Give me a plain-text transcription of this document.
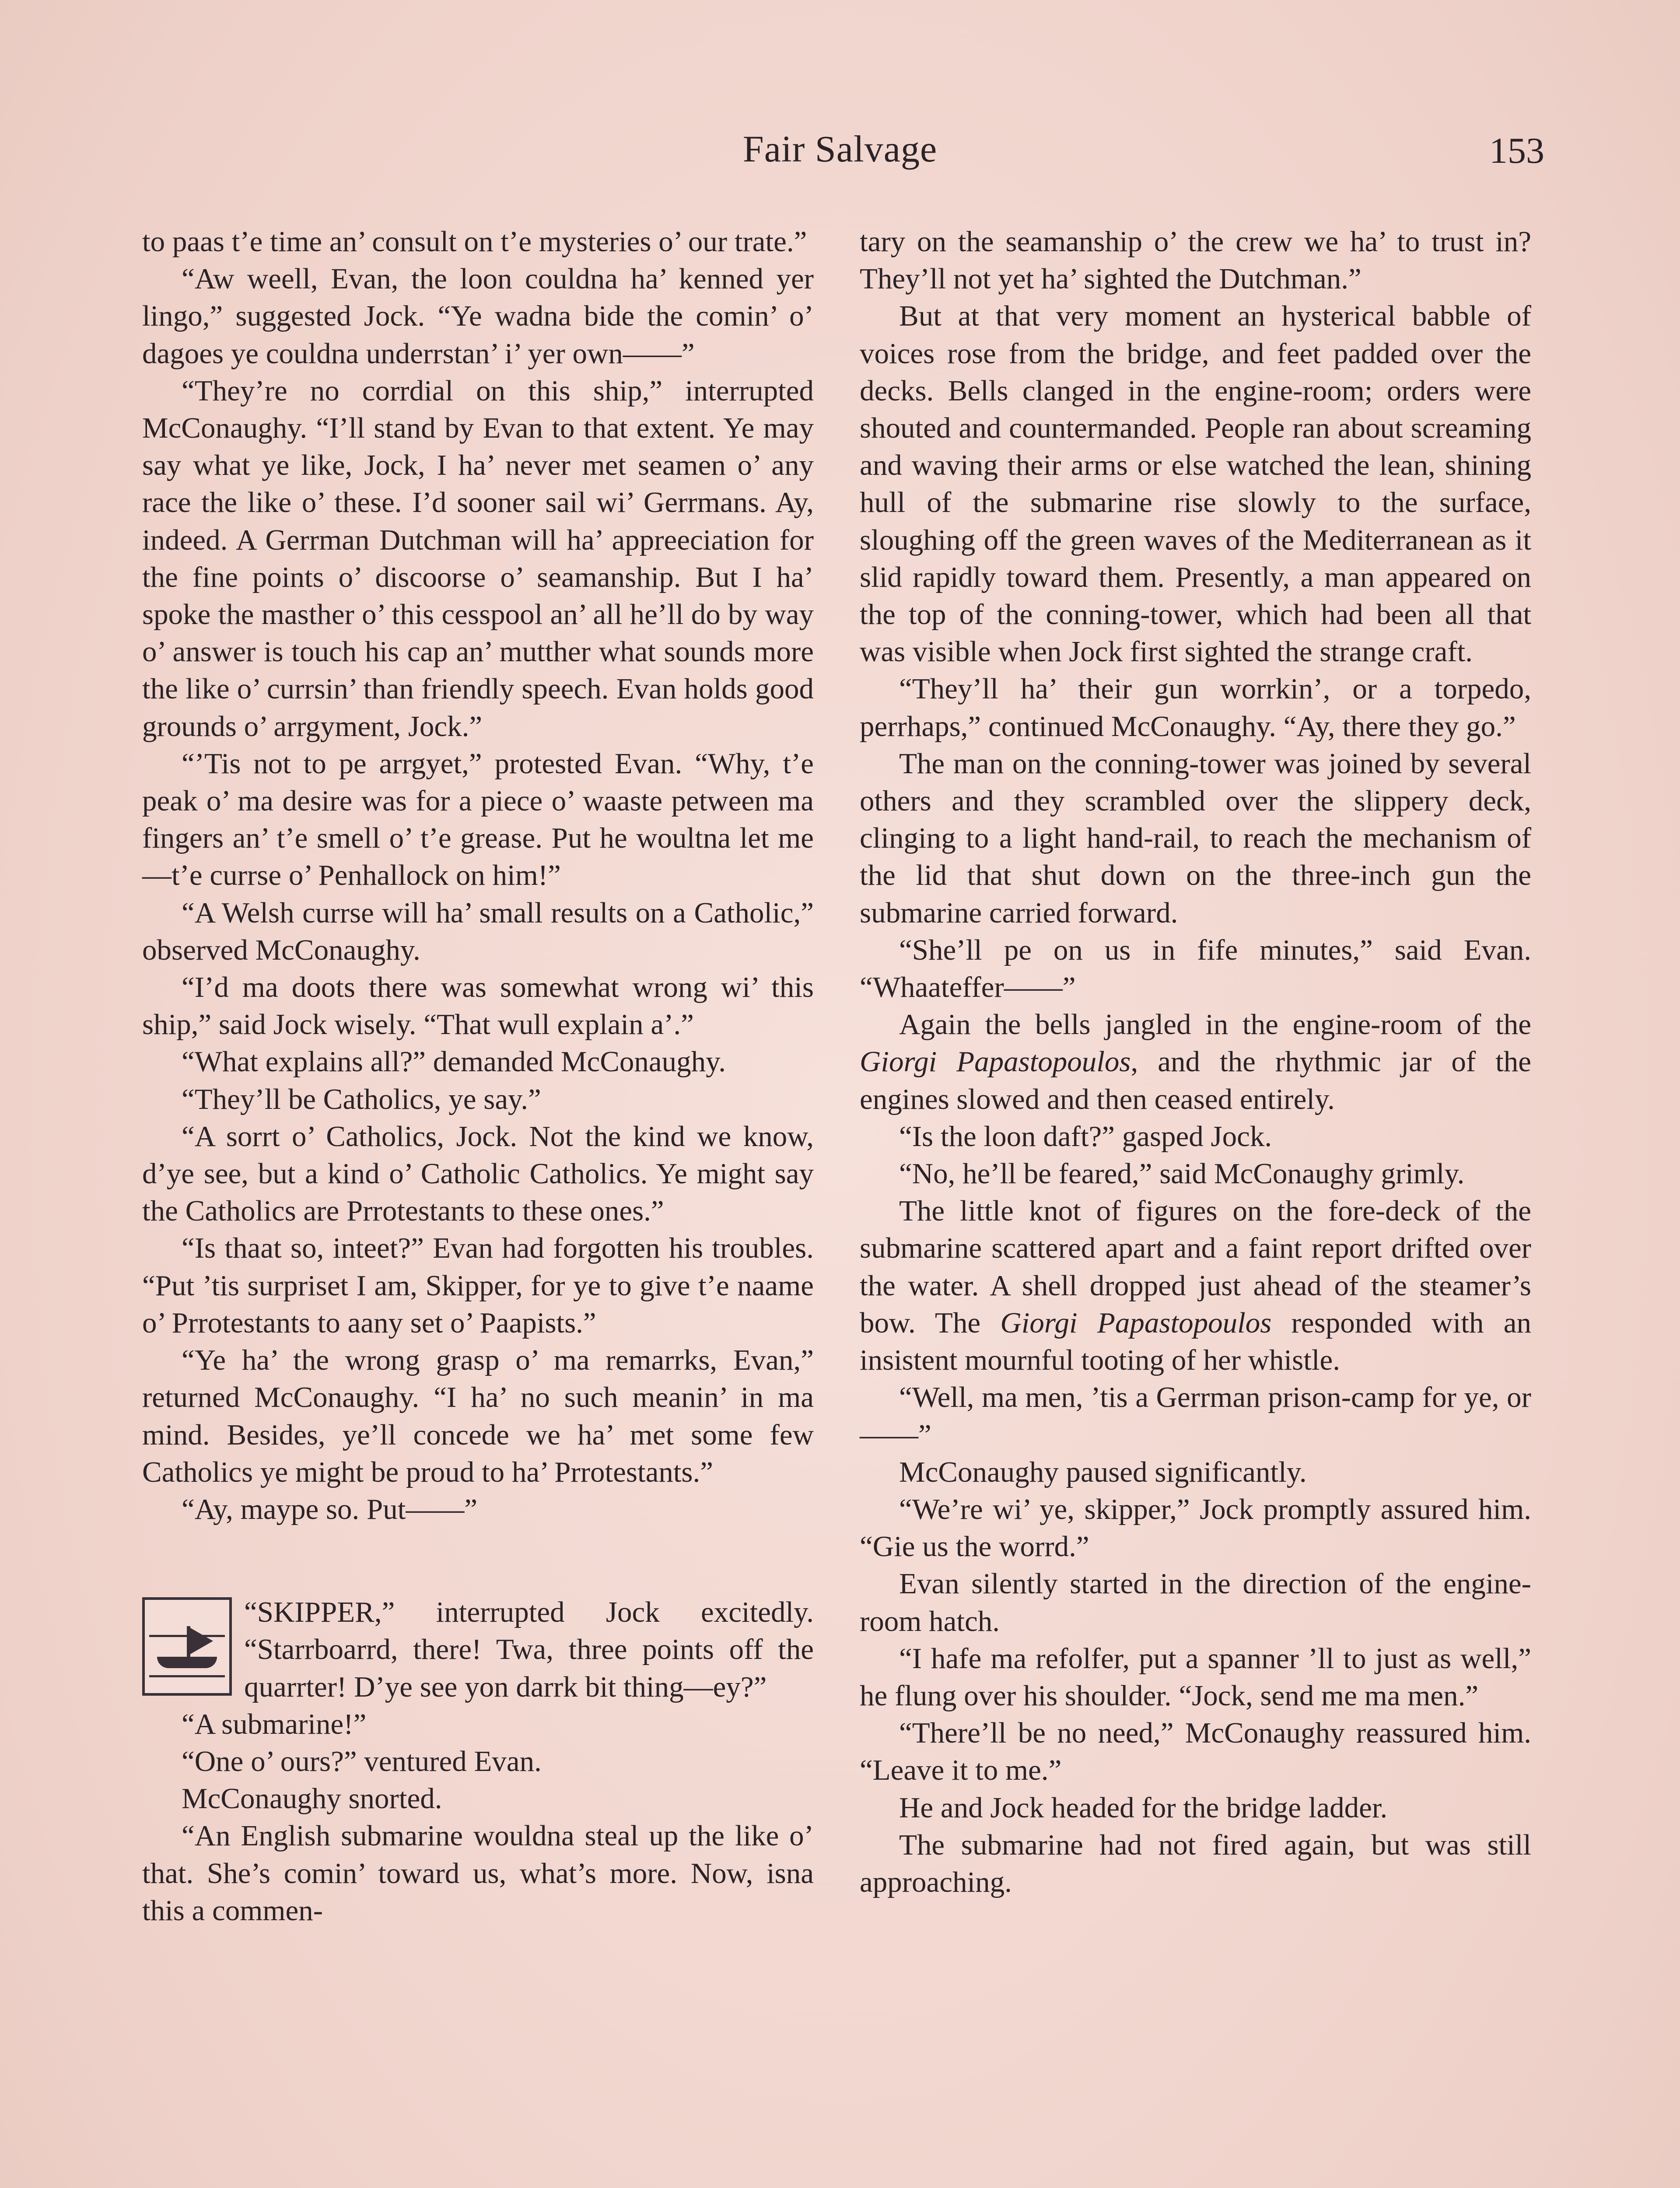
Fair Salvage	153

to paas t’e time an’ consult on t’e mysteries o’ our trate.”

“Aw weell, Evan, the loon couldna ha’ kenned yer lingo,” suggested Jock. “Ye wadna bide the comin’ o’ dagoes ye couldna underrstan’ i’ yer own——”

“They’re no corrdial on this ship,” interrupted McConaughy. “I’ll stand by Evan to that extent. Ye may say what ye like, Jock, I ha’ never met seamen o’ any race the like o’ these. I’d sooner sail wi’ Gerrmans. Ay, indeed. A Gerrman Dutchman will ha’ appreeciation for the fine points o’ discoorse o’ seamanship. But I ha’ spoke the masther o’ this cesspool an’ all he’ll do by way o’ answer is touch his cap an’ mutther what sounds more the like o’ currsin’ than friendly speech. Evan holds good grounds o’ arrgyment, Jock.”

“’Tis not to pe arrgyet,” protested Evan. “Why, t’e peak o’ ma desire was for a piece o’ waaste petween ma fingers an’ t’e smell o’ t’e grease. Put he woultna let me—t’e currse o’ Penhallock on him!”

“A Welsh currse will ha’ small results on a Catholic,” observed McConaughy.

“I’d ma doots there was somewhat wrong wi’ this ship,” said Jock wisely. “That wull explain a’.”

“What explains all?” demanded McConaughy.

“They’ll be Catholics, ye say.”

“A sorrt o’ Catholics, Jock. Not the kind we know, d’ye see, but a kind o’ Catholic Catholics. Ye might say the Catholics are Prrotestants to these ones.”

“Is thaat so, inteet?” Evan had forgotten his troubles. “Put ’tis surpriset I am, Skipper, for ye to give t’e naame o’ Prrotestants to aany set o’ Paapists.”

“Ye ha’ the wrong grasp o’ ma remarrks, Evan,” returned McConaughy. “I ha’ no such meanin’ in ma mind. Besides, ye’ll concede we ha’ met some few Catholics ye might be proud to ha’ Prrotestants.”

“Ay, maype so. Put——”

“SKIPPER,” interrupted Jock excitedly. “Starrboarrd, there! Twa, three points off the quarrter! D’ye see yon darrk bit thing—ey?”

“A submarine!”

“One o’ ours?” ventured Evan.

McConaughy snorted.

“An English submarine wouldna steal up the like o’ that. She’s comin’ toward us, what’s more. Now, isna this a commen-

tary on the seamanship o’ the crew we ha’ to trust in? They’ll not yet ha’ sighted the Dutchman.”

But at that very moment an hysterical babble of voices rose from the bridge, and feet padded over the decks. Bells clanged in the engine-room; orders were shouted and countermanded. People ran about screaming and waving their arms or else watched the lean, shining hull of the submarine rise slowly to the surface, sloughing off the green waves of the Mediterranean as it slid rapidly toward them. Presently, a man appeared on the top of the conning-tower, which had been all that was visible when Jock first sighted the strange craft.

“They’ll ha’ their gun worrkin’, or a torpedo, perrhaps,” continued McConaughy. “Ay, there they go.”

The man on the conning-tower was joined by several others and they scrambled over the slippery deck, clinging to a light hand-rail, to reach the mechanism of the lid that shut down on the three-inch gun the submarine carried forward.

“She’ll pe on us in fife minutes,” said Evan. “Whaateffer——”

Again the bells jangled in the engine-room of the Giorgi Papastopoulos, and the rhythmic jar of the engines slowed and then ceased entirely.

“Is the loon daft?” gasped Jock.

“No, he’ll be feared,” said McConaughy grimly.

The little knot of figures on the fore-deck of the submarine scattered apart and a faint report drifted over the water. A shell dropped just ahead of the steamer’s bow. The Giorgi Papastopoulos responded with an insistent mournful tooting of her whistle.

“Well, ma men, ’tis a Gerrman prison-camp for ye, or——”

McConaughy paused significantly.

“We’re wi’ ye, skipper,” Jock promptly assured him. “Gie us the worrd.”

Evan silently started in the direction of the engine-room hatch.

“I hafe ma refolfer, put a spanner ’ll to just as well,” he flung over his shoulder. “Jock, send me ma men.”

“There’ll be no need,” McConaughy reassured him. “Leave it to me.”

He and Jock headed for the bridge ladder.

The submarine had not fired again, but was still approaching.
